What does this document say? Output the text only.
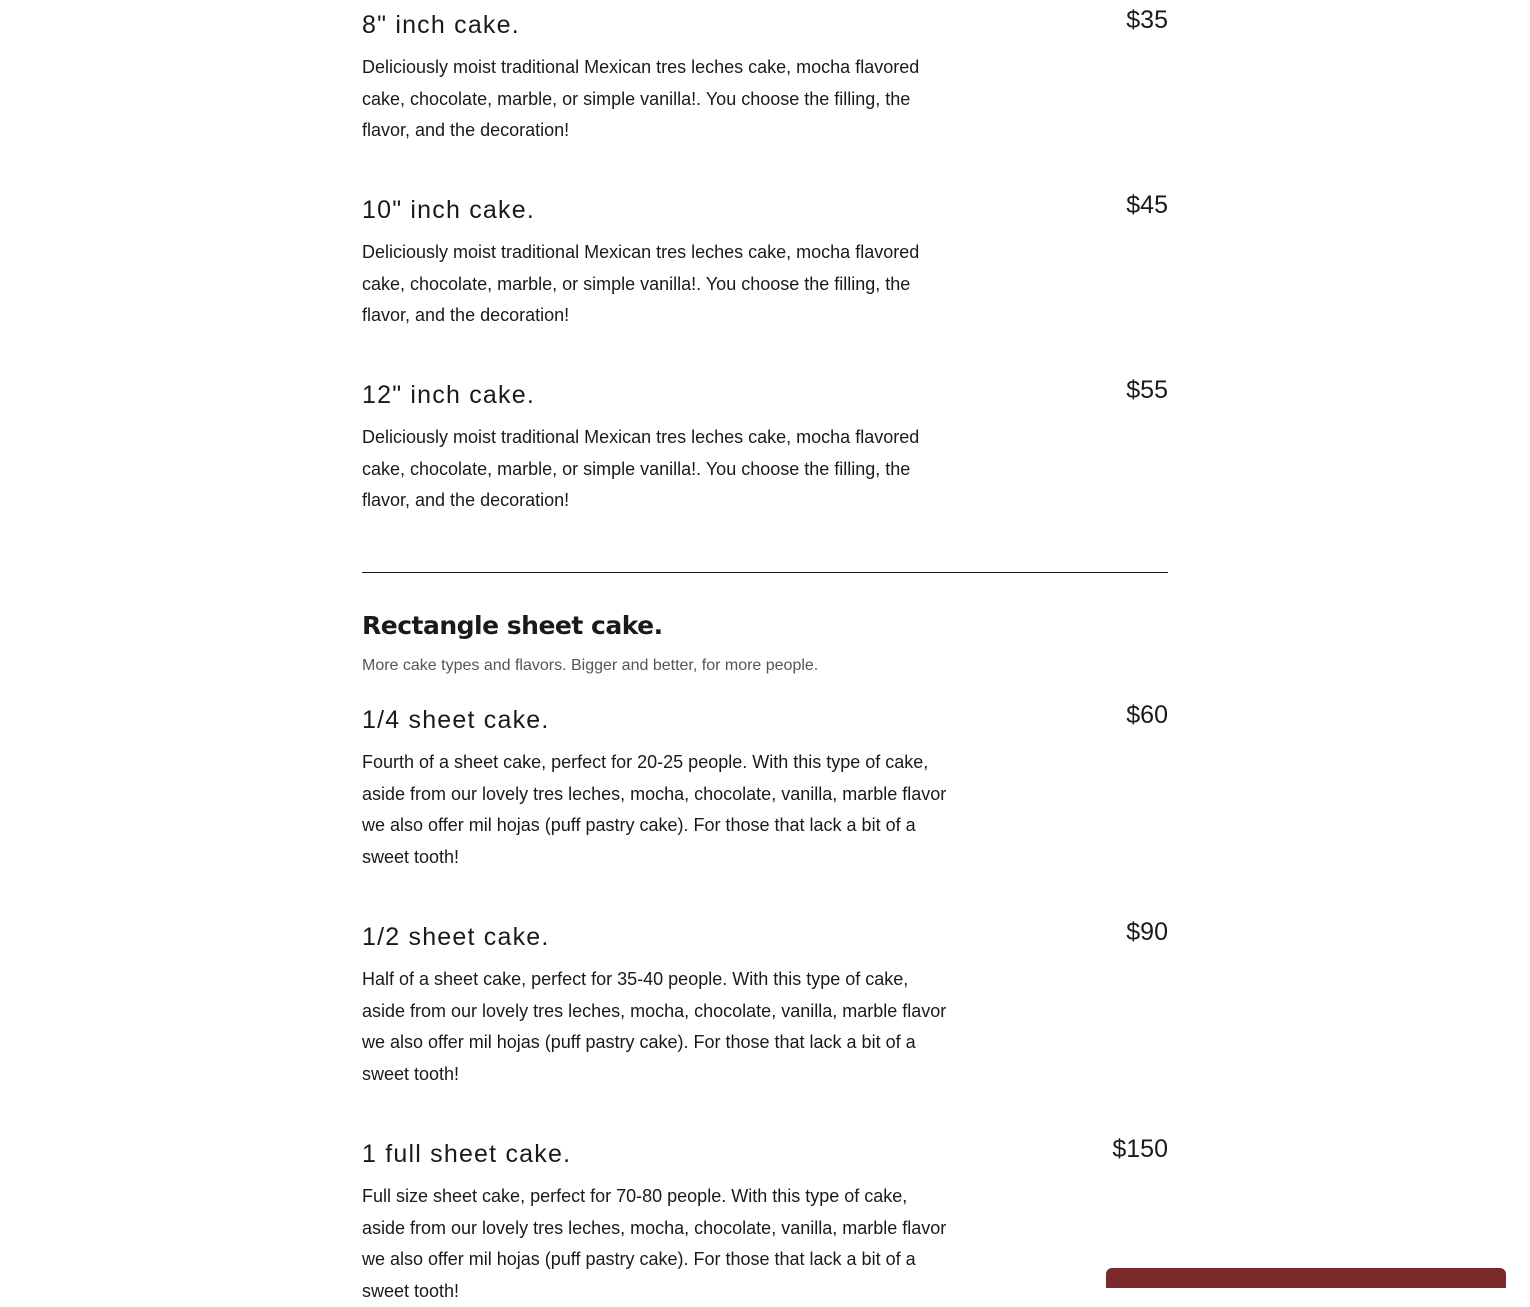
8" inch cake.	$35

Deliciously moist traditional Mexican tres leches cake, mocha flavored cake, chocolate, marble, or simple vanilla!. You choose the filling, the flavor, and the decoration!

10" inch cake.	$45

Deliciously moist traditional Mexican tres leches cake, mocha flavored cake, chocolate, marble, or simple vanilla!. You choose the filling, the flavor, and the decoration!

12" inch cake.	$55

Deliciously moist traditional Mexican tres leches cake, mocha flavored cake, chocolate, marble, or simple vanilla!. You choose the filling, the flavor, and the decoration!

Rectangle sheet cake.

More cake types and flavors. Bigger and better, for more people.

1/4 sheet cake.	$60

Fourth of a sheet cake, perfect for 20-25 people. With this type of cake, aside from our lovely tres leches, mocha, chocolate, vanilla, marble flavor we also offer mil hojas (puff pastry cake). For those that lack a bit of a sweet tooth!

1/2 sheet cake.	$90

Half of a sheet cake, perfect for 35-40 people. With this type of cake, aside from our lovely tres leches, mocha, chocolate, vanilla, marble flavor we also offer mil hojas (puff pastry cake). For those that lack a bit of a sweet tooth!

1 full sheet cake.	$150

Full size sheet cake, perfect for 70-80 people. With this type of cake, aside from our lovely tres leches, mocha, chocolate, vanilla, marble flavor we also offer mil hojas (puff pastry cake). For those that lack a bit of a sweet tooth!
